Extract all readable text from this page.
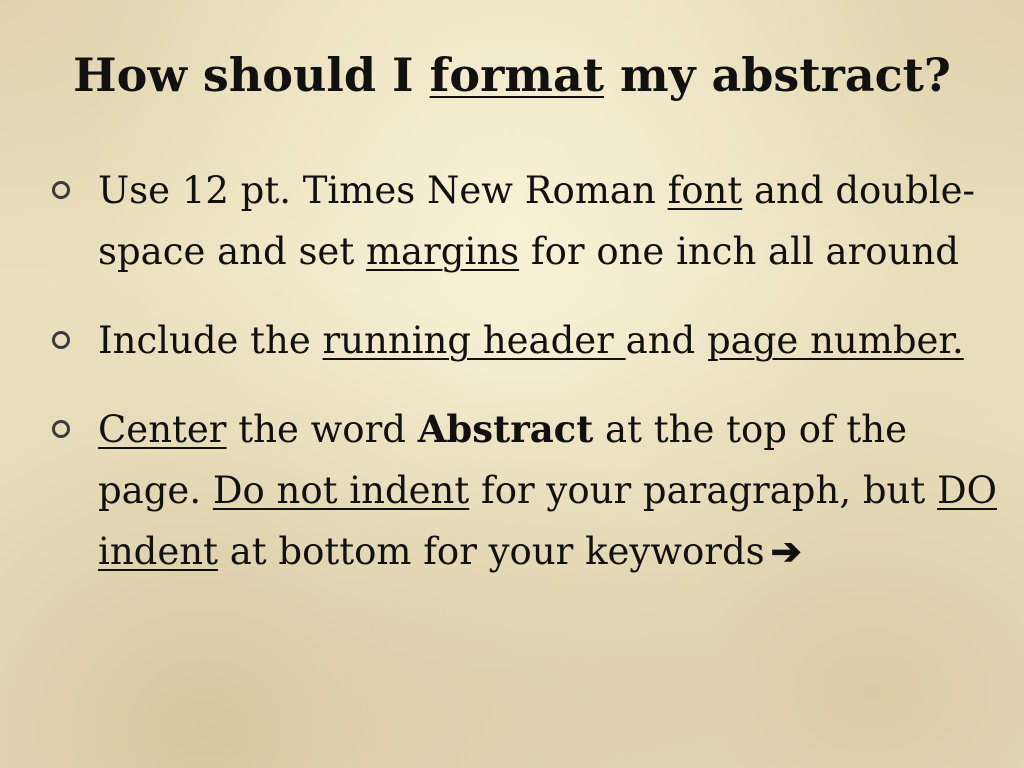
How should I format my abstract?
Use 12 pt. Times New Roman font and double-space and set margins for one inch all around
Include the running header and page number.
Center the word Abstract at the top of the page. Do not indent for your paragraph, but DO indent at bottom for your keywords ➔
